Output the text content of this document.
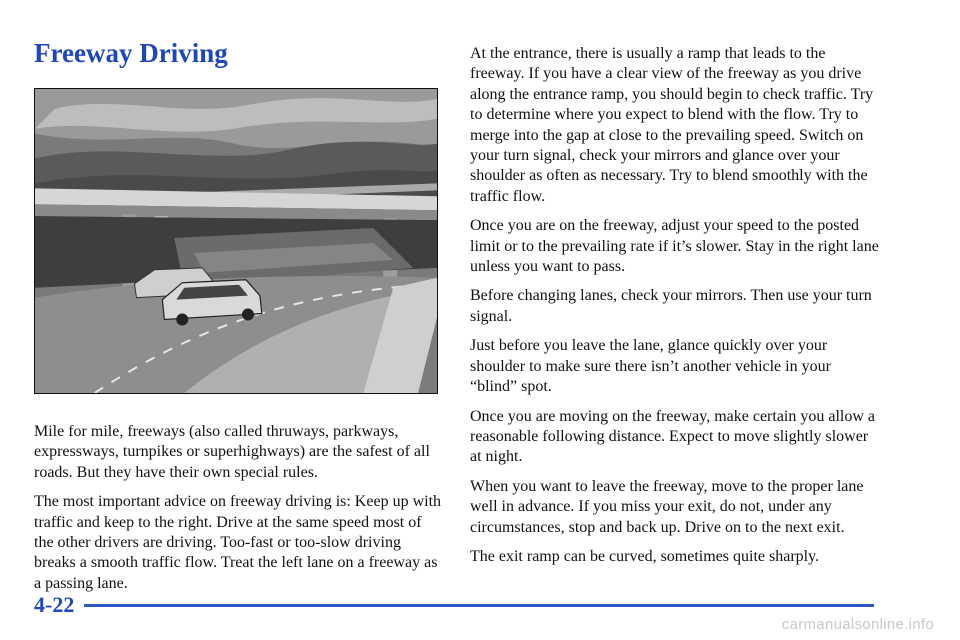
Freeway Driving

Mile for mile, freeways (also called thruways, parkways, expressways, turnpikes or superhighways) are the safest of all roads. But they have their own special rules.

The most important advice on freeway driving is: Keep up with traffic and keep to the right. Drive at the same speed most of the other drivers are driving. Too-fast or too-slow driving breaks a smooth traffic flow. Treat the left lane on a freeway as a passing lane.

At the entrance, there is usually a ramp that leads to the freeway. If you have a clear view of the freeway as you drive along the entrance ramp, you should begin to check traffic. Try to determine where you expect to blend with the flow. Try to merge into the gap at close to the prevailing speed. Switch on your turn signal, check your mirrors and glance over your shoulder as often as necessary. Try to blend smoothly with the traffic flow.

Once you are on the freeway, adjust your speed to the posted limit or to the prevailing rate if it’s slower. Stay in the right lane unless you want to pass.

Before changing lanes, check your mirrors. Then use your turn signal.

Just before you leave the lane, glance quickly over your shoulder to make sure there isn’t another vehicle in your “blind” spot.

Once you are moving on the freeway, make certain you allow a reasonable following distance. Expect to move slightly slower at night.

When you want to leave the freeway, move to the proper lane well in advance. If you miss your exit, do not, under any circumstances, stop and back up. Drive on to the next exit.

The exit ramp can be curved, sometimes quite sharply.

4-22
carmanualsonline.info
